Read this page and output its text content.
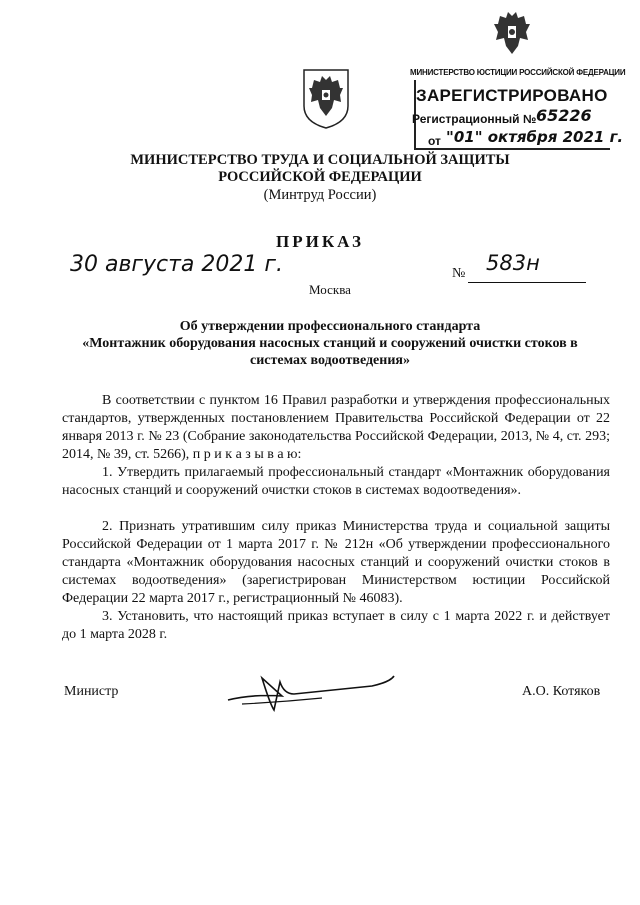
МИНИСТЕРСТВО ЮСТИЦИИ РОССИЙСКОЙ ФЕДЕРАЦИИ
ЗАРЕГИСТРИРОВАНО
Регистрационный № 65226
от "01" октября 2021 г.
МИНИСТЕРСТВО ТРУДА И СОЦИАЛЬНОЙ ЗАЩИТЫ
РОССИЙСКОЙ ФЕДЕРАЦИИ
(Минтруд России)
ПРИКАЗ
30 августа 2021 г.	№ 583н
Москва
Об утверждении профессионального стандарта
«Монтажник оборудования насосных станций и сооружений очистки стоков в
системах водоотведения»
В соответствии с пунктом 16 Правил разработки и утверждения профессиональных стандартов, утвержденных постановлением Правительства Российской Федерации от 22 января 2013 г. № 23 (Собрание законодательства Российской Федерации, 2013, № 4, ст. 293; 2014, № 39, ст. 5266), п р и к а з ы в а ю:
1. Утвердить прилагаемый профессиональный стандарт «Монтажник оборудования насосных станций и сооружений очистки стоков в системах водоотведения».
2. Признать утратившим силу приказ Министерства труда и социальной защиты Российской Федерации от 1 марта 2017 г. № 212н «Об утверждении профессионального стандарта «Монтажник оборудования насосных станций и сооружений очистки стоков в системах водоотведения» (зарегистрирован Министерством юстиции Российской Федерации 22 марта 2017 г., регистрационный № 46083).
3. Установить, что настоящий приказ вступает в силу с 1 марта 2022 г. и действует до 1 марта 2028 г.
Министр	А.О. Котяков
